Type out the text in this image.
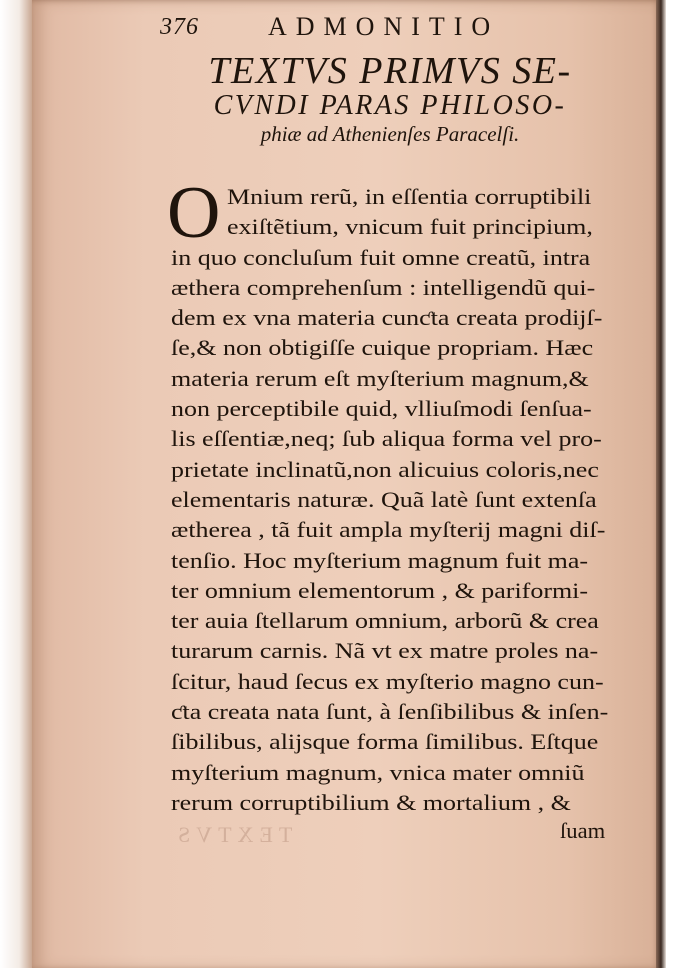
376	ADMONITIO
TEXTVS PRIMVS SE-
CVNDI PARAS PHILOSO-
phiæ ad Athenienſes Paracelſi.
O Mnium rerũ, in eſſentia corruptibili
exiſtẽtium, vnicum fuit principium,
in quo concluſum fuit omne creatũ, intra
æthera comprehenſum : intelligendũ qui-
dem ex vna materia cunƈta creata prodijſ-
ſe,& non obtigiſſe cuique propriam. Hæc
materia rerum eſt myſterium magnum,&
non perceptibile quid, vlliuſmodi ſenſua-
lis eſſentiæ,neq; ſub aliqua forma vel pro-
prietate inclinatũ,non alicuius coloris,nec
elementaris naturæ. Quã latè ſunt extenſa
ætherea , tã fuit ampla myſterij magni diſ-
tenſio. Hoc myſterium magnum fuit ma-
ter omnium elementorum , & pariformi-
ter auia ſtellarum omnium, arborũ & crea
turarum carnis. Nã vt ex matre proles na-
ſcitur, haud ſecus ex myſterio magno cun-
ƈta creata nata ſunt, à ſenſibilibus & inſen-
ſibilibus, alijsque forma ſimilibus. Eſtque
myſterium magnum, vnica mater omniũ
rerum corruptibilium & mortalium , &
TEXTVS	ſuam
